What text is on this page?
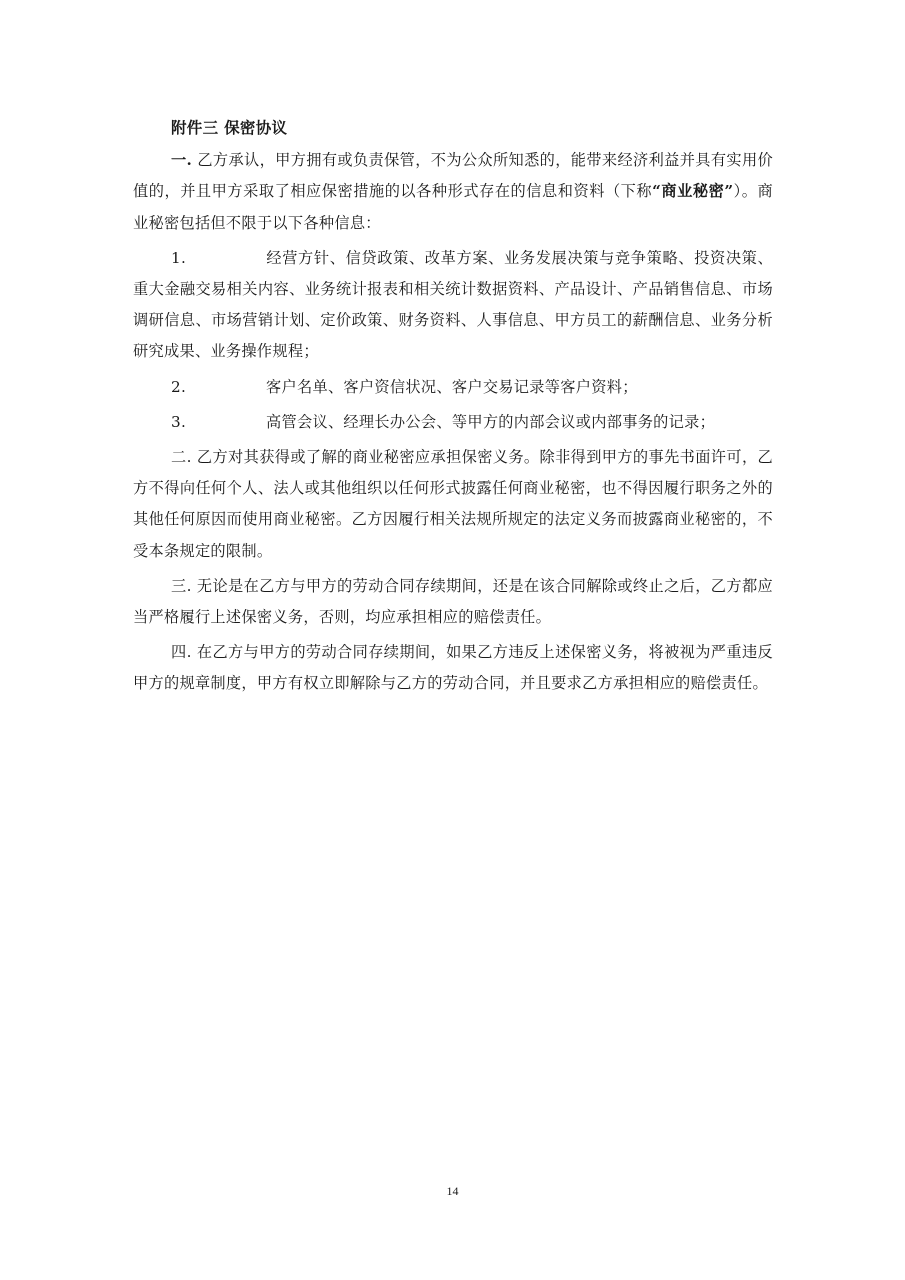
附件三 保密协议

一. 乙方承认，甲方拥有或负责保管，不为公众所知悉的，能带来经济利益并具有实用价值的，并且甲方采取了相应保密措施的以各种形式存在的信息和资料（下称“商业秘密”）。商业秘密包括但不限于以下各种信息：

1.	经营方针、信贷政策、改革方案、业务发展决策与竞争策略、投资决策、重大金融交易相关内容、业务统计报表和相关统计数据资料、产品设计、产品销售信息、市场调研信息、市场营销计划、定价政策、财务资料、人事信息、甲方员工的薪酬信息、业务分析研究成果、业务操作规程；

2.	客户名单、客户资信状况、客户交易记录等客户资料；

3.	高管会议、经理长办公会、等甲方的内部会议或内部事务的记录；

二. 乙方对其获得或了解的商业秘密应承担保密义务。除非得到甲方的事先书面许可，乙方不得向任何个人、法人或其他组织以任何形式披露任何商业秘密，也不得因履行职务之外的其他任何原因而使用商业秘密。乙方因履行相关法规所规定的法定义务而披露商业秘密的，不受本条规定的限制。

三. 无论是在乙方与甲方的劳动合同存续期间，还是在该合同解除或终止之后，乙方都应当严格履行上述保密义务，否则，均应承担相应的赔偿责任。

四. 在乙方与甲方的劳动合同存续期间，如果乙方违反上述保密义务，将被视为严重违反甲方的规章制度，甲方有权立即解除与乙方的劳动合同，并且要求乙方承担相应的赔偿责任。

14
